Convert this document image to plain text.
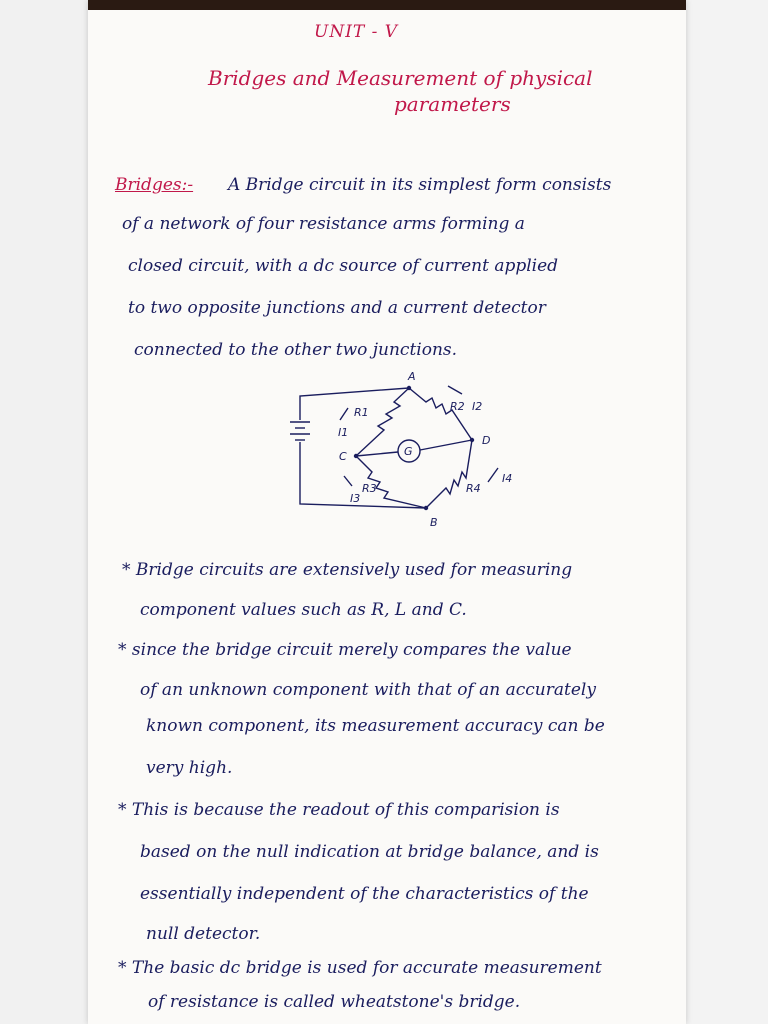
UNIT - V
Bridges and Measurement of physical
parameters
Bridges:- A Bridge circuit in its simplest form consists
of a network of four resistance arms forming a
closed circuit, with a dc source of current applied
to two opposite junctions and a current detector
connected to the other two junctions.
A
C
D
B
G
R1
I1
R2 I2
R3
I3
R4
I4
* Bridge circuits are extensively used for measuring
component values such as R, L and C.
* since the bridge circuit merely compares the value
of an unknown component with that of an accurately
known component, its measurement accuracy can be
very high.
* This is because the readout of this comparision is
based on the null indication at bridge balance, and is
essentially independent of the characteristics of the
null detector.
* The basic dc bridge is used for accurate measurement
of resistance is called wheatstone's bridge.
